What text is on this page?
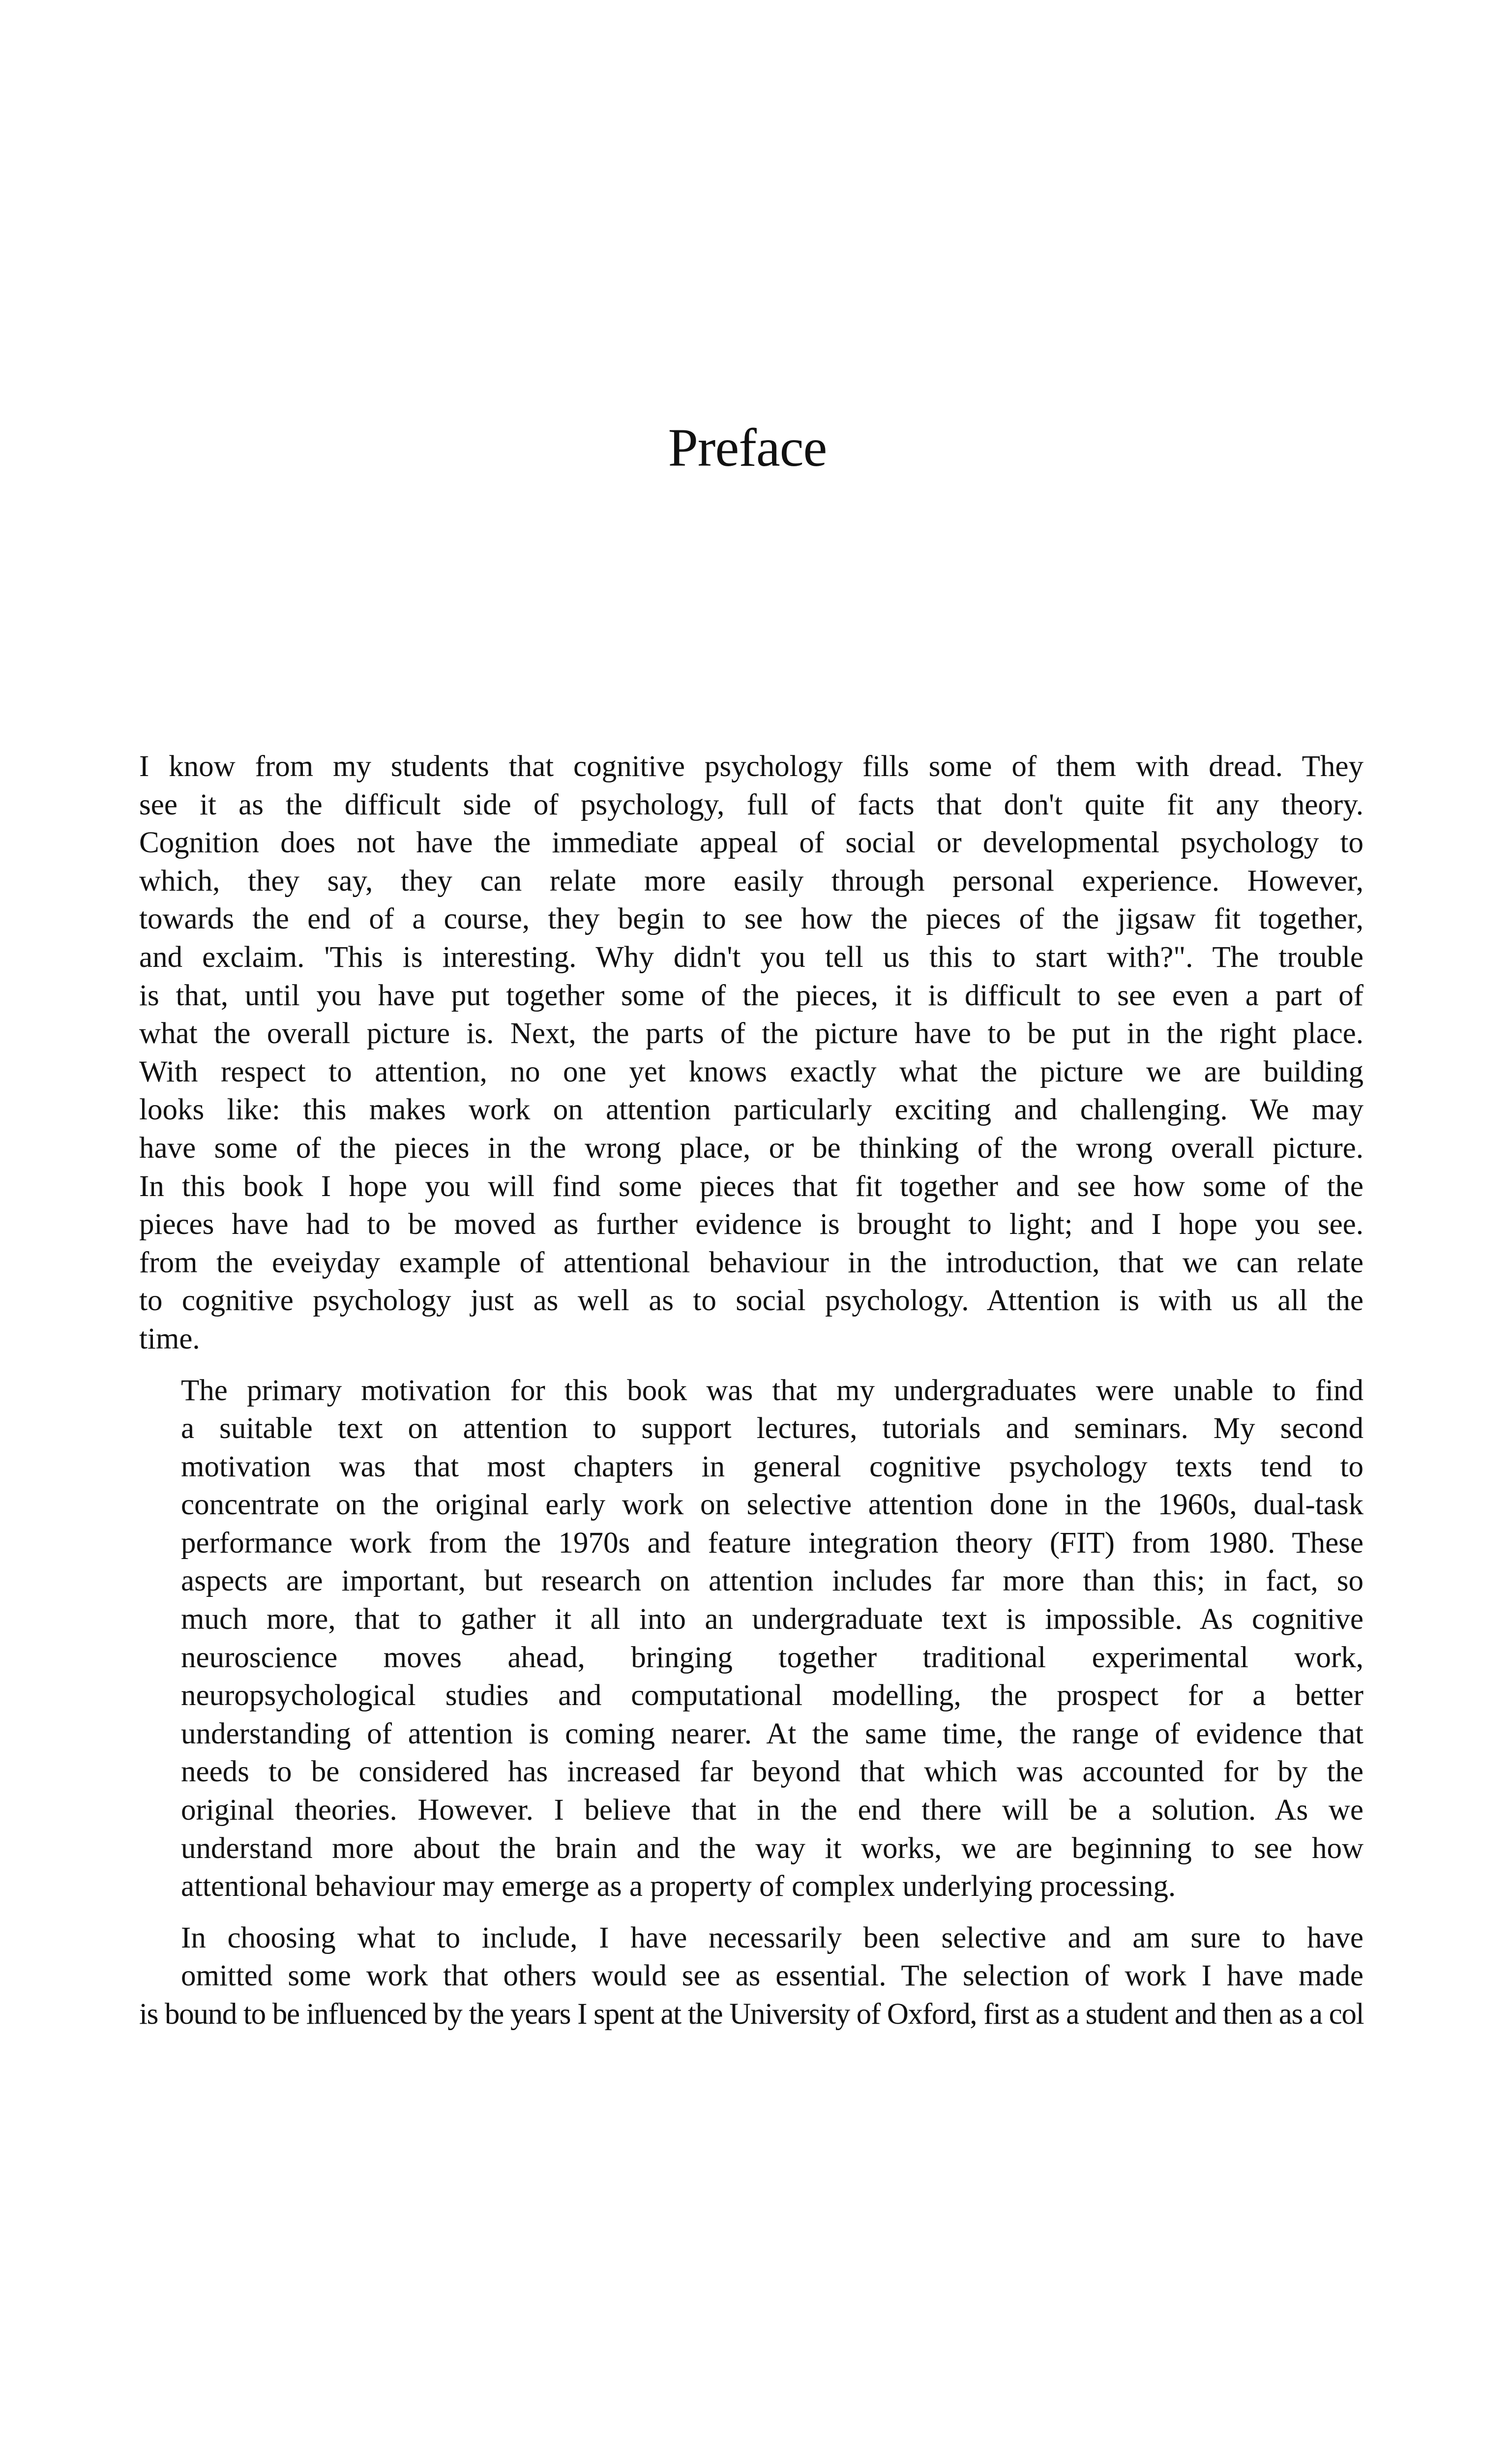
Preface

I know from my students that cognitive psychology fills some of them with dread. They
see it as the difficult side of psychology, full of facts that don't quite fit any theory.
Cognition does not have the immediate appeal of social or developmental psychology to
which, they say, they can relate more easily through personal experience. However,
towards the end of a course, they begin to see how the pieces of the jigsaw fit together,
and exclaim. 'This is interesting. Why didn't you tell us this to start with?". The trouble
is that, until you have put together some of the pieces, it is difficult to see even a part of
what the overall picture is. Next, the parts of the picture have to be put in the right place.
With respect to attention, no one yet knows exactly what the picture we are building
looks like: this makes work on attention particularly exciting and challenging. We may
have some of the pieces in the wrong place, or be thinking of the wrong overall picture.
In this book I hope you will find some pieces that fit together and see how some of the
pieces have had to be moved as further evidence is brought to light; and I hope you see.
from the eveiyday example of attentional behaviour in the introduction, that we can relate
to cognitive psychology just as well as to social psychology. Attention is with us all the
time.

The primary motivation for this book was that my undergraduates were unable to find
a suitable text on attention to support lectures, tutorials and seminars. My second
motivation was that most chapters in general cognitive psychology texts tend to
concentrate on the original early work on selective attention done in the 1960s, dual-task
performance work from the 1970s and feature integration theory (FIT) from 1980. These
aspects are important, but research on attention includes far more than this; in fact, so
much more, that to gather it all into an undergraduate text is impossible. As cognitive
neuroscience moves ahead, bringing together traditional experimental work,
neuropsychological studies and computational modelling, the prospect for a better
understanding of attention is coming nearer. At the same time, the range of evidence that
needs to be considered has increased far beyond that which was accounted for by the
original theories. However. I believe that in the end there will be a solution. As we
understand more about the brain and the way it works, we are beginning to see how
attentional behaviour may emerge as a property of complex underlying processing.

In choosing what to include, I have necessarily been selective and am sure to have
omitted some work that others would see as essential. The selection of work I have made
is bound to be influenced by the years I spent at the University of Oxford, first as a student and then as a col
